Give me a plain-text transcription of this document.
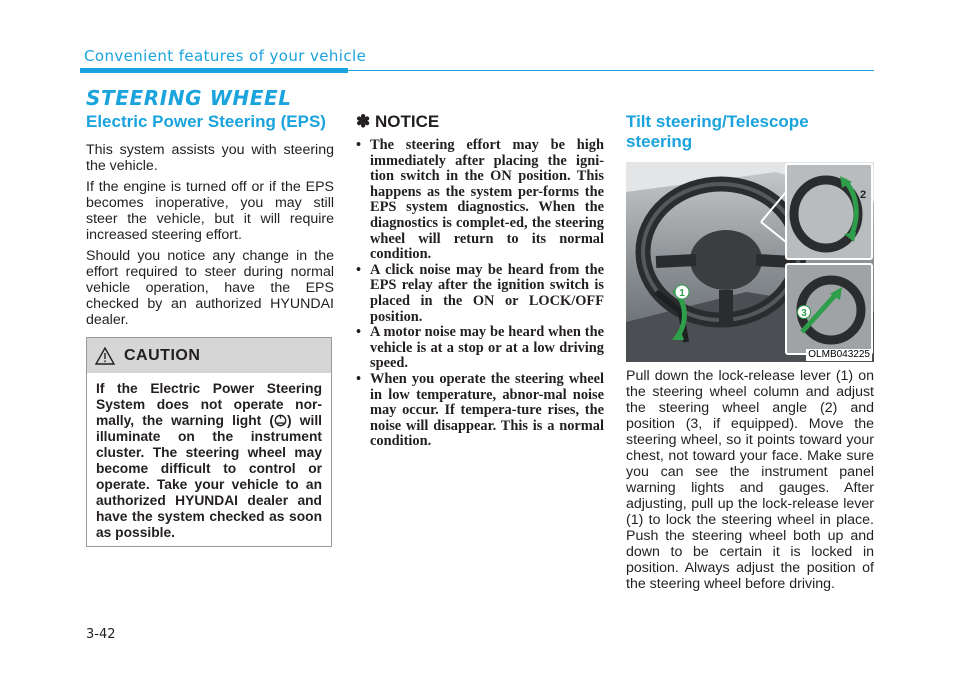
Convenient features of your vehicle
STEERING WHEEL
Electric Power Steering (EPS)

This system assists you with steering the vehicle.

If the engine is turned off or if the EPS becomes inoperative, you may still steer the vehicle, but it will require increased steering effort.

Should you notice any change in the effort required to steer during normal vehicle operation, have the EPS checked by an authorized HYUNDAI dealer.

CAUTION
If the Electric Power Steering System does not operate nor-mally, the warning light ( ) will illuminate on the instrument cluster. The steering wheel may become difficult to control or operate. Take your vehicle to an authorized HYUNDAI dealer and have the system checked as soon as possible.
✽ NOTICE
• The steering effort may be high immediately after placing the igni-tion switch in the ON position. This happens as the system per-forms the EPS system diagnostics. When the diagnostics is complet-ed, the steering wheel will return to its normal condition.
• A click noise may be heard from the EPS relay after the ignition switch is placed in the ON or LOCK/OFF position.
• A motor noise may be heard when the vehicle is at a stop or at a low driving speed.
• When you operate the steering wheel in low temperature, abnor-mal noise may occur. If tempera-ture rises, the noise will disappear. This is a normal condition.
Tilt steering/Telescope steering
1
2
3
OLMB043225

Pull down the lock-release lever (1) on the steering wheel column and adjust the steering wheel angle (2) and position (3, if equipped). Move the steering wheel, so it points toward your chest, not toward your face. Make sure you can see the instrument panel warning lights and gauges. After adjusting, pull up the lock-release lever (1) to lock the steering wheel in place. Push the steering wheel both up and down to be certain it is locked in position. Always adjust the position of the steering wheel before driving.

3-42
